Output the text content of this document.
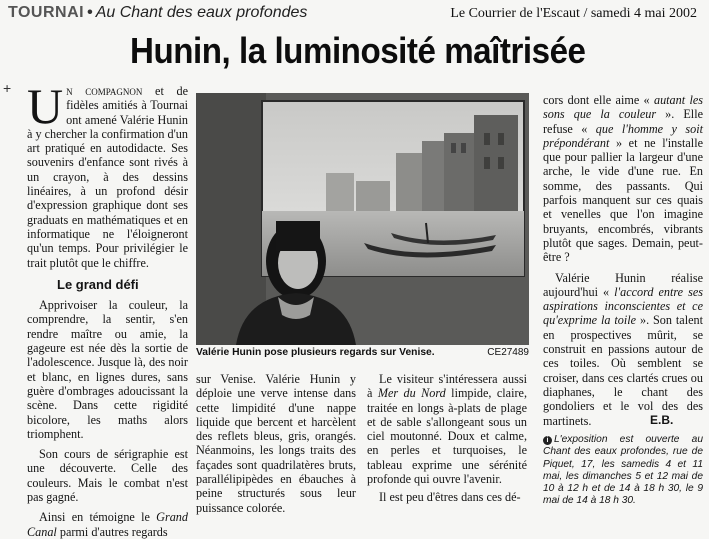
TOURNAI • Au Chant des eaux profondes	Le Courrier de l'Escaut / samedi 4 mai 2002
Hunin, la luminosité maîtrisée
+ Un compagnon et de fidèles amitiés à Tournai ont amené Valérie Hunin à y chercher la confirmation d'un art pratiqué en autodidacte. Ses souvenirs d'enfance sont rivés à un crayon, à des dessins linéaires, à un profond désir d'expression graphique dont ses graduats en mathématiques et en informatique ne l'éloigneront qu'un temps. Pour privilégier le trait plutôt que le chiffre.

Le grand défi

Apprivoiser la couleur, la comprendre, la sentir, s'en rendre maître ou amie, la gageure est née dès la sortie de l'adolescence. Jusque là, des noir et blanc, en lignes dures, sans guère d'ombrages adoucissant la scène. Dans cette rigidité bicolore, les maths alors triomphent.

Son cours de sérigraphie est une découverte. Celle des couleurs. Mais le combat n'est pas gagné.

Ainsi en témoigne le Grand Canal parmi d'autres regards

Valérie Hunin pose plusieurs regards sur Venise.	CE27489

sur Venise. Valérie Hunin y déploie une verve intense dans cette limpidité d'une nappe liquide que bercent et harcèlent des reflets bleus, gris, orangés. Néanmoins, les longs traits des façades sont quadrilatères bruts, parallélipipèdes en ébauches à peine structurés sous leur puissance colorée.

Le visiteur s'intéressera aussi à Mer du Nord limpide, claire, traitée en longs à-plats de plage et de sable s'allongeant sous un ciel moutonné. Doux et calme, en perles et turquoises, le tableau exprime une sérénité profonde qui ouvre l'avenir.

Il est peu d'êtres dans ces dé-

cors dont elle aime « autant les sons que la couleur ». Elle refuse « que l'homme y soit prépondérant » et ne l'installe que pour pallier la largeur d'une arche, le vide d'une rue. En somme, des passants. Qui parfois manquent sur ces quais et venelles que l'on imagine bruyants, encombrés, vibrants plutôt que sages. Demain, peut-être ?

Valérie Hunin réalise aujourd'hui « l'accord entre ses aspirations inconscientes et ce qu'exprime la toile ». Son talent en prospectives mûrit, se construit en passions autour de ces toiles. Où semblent se croiser, dans ces clartés crues ou diaphanes, le chant des gondoliers et le vol des des martinets.	E.B.
i L'exposition est ouverte au Chant des eaux profondes, rue de Piquet, 17, les samedis 4 et 11 mai, les dimanches 5 et 12 mai de 10 à 12 h et de 14 à 18 h 30, le 9 mai de 14 à 18 h 30.
